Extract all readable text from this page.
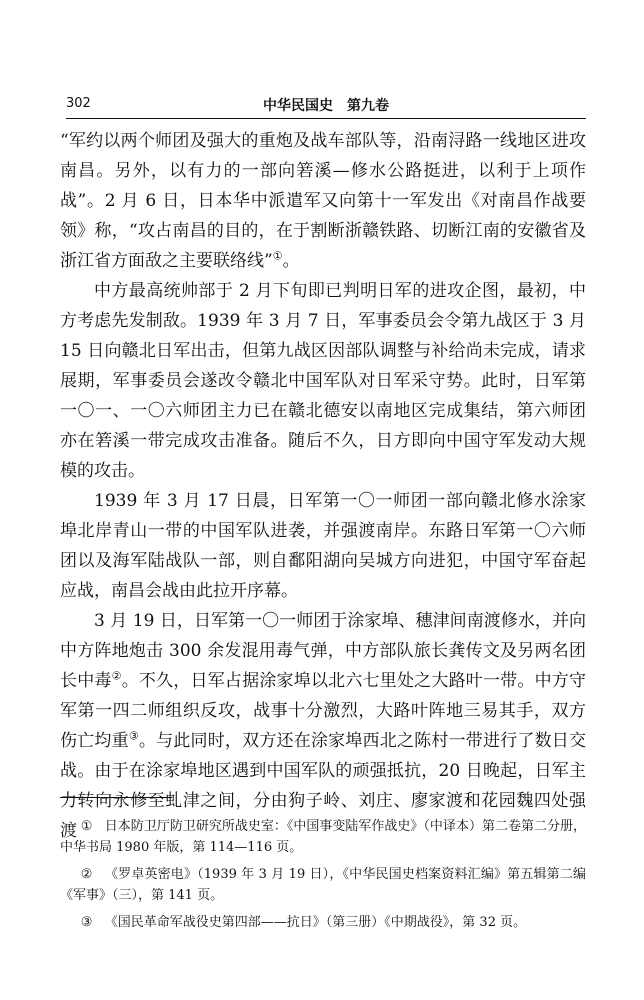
302	中华民国史　第九卷

“军约以两个师团及强大的重炮及战车部队等，沿南浔路一线地区进攻南昌。另外，以有力的一部向箬溪—修水公路挺进，以利于上项作战”。2 月 6 日，日本华中派遣军又向第十一军发出《对南昌作战要领》称，“攻占南昌的目的，在于割断浙赣铁路、切断江南的安徽省及浙江省方面敌之主要联络线”①。

中方最高统帅部于 2 月下旬即已判明日军的进攻企图，最初，中方考虑先发制敌。1939 年 3 月 7 日，军事委员会令第九战区于 3 月 15 日向赣北日军出击，但第九战区因部队调整与补给尚未完成，请求展期，军事委员会遂改令赣北中国军队对日军采守势。此时，日军第一〇一、一〇六师团主力已在赣北德安以南地区完成集结，第六师团亦在箬溪一带完成攻击准备。随后不久，日方即向中国守军发动大规模的攻击。

1939 年 3 月 17 日晨，日军第一〇一师团一部向赣北修水涂家埠北岸青山一带的中国军队进袭，并强渡南岸。东路日军第一〇六师团以及海军陆战队一部，则自鄱阳湖向吴城方向进犯，中国守军奋起应战，南昌会战由此拉开序幕。

3 月 19 日，日军第一〇一师团于涂家埠、穗津间南渡修水，并向中方阵地炮击 300 余发混用毒气弹，中方部队旅长龚传文及另两名团长中毒②。不久，日军占据涂家埠以北六七里处之大路叶一带。中方守军第一四二师组织反攻，战事十分激烈，大路叶阵地三易其手，双方伤亡均重③。与此同时，双方还在涂家埠西北之陈村一带进行了数日交战。由于在涂家埠地区遇到中国军队的顽强抵抗，20 日晚起，日军主力转向永修至虬津之间，分由狗子岭、刘庄、廖家渡和花园魏四处强渡 ① 日本防卫厅防卫研究所战史室：《中国事变陆军作战史》（中译本）第二卷第二分册，中华书局 1980 年版，第 114—116 页。

② 《罗卓英密电》（1939 年 3 月 19 日），《中华民国史档案资料汇编》第五辑第二编《军事》（三），第 141 页。

③ 《国民革命军战役史第四部——抗日》（第三册）《中期战役》，第 32 页。
